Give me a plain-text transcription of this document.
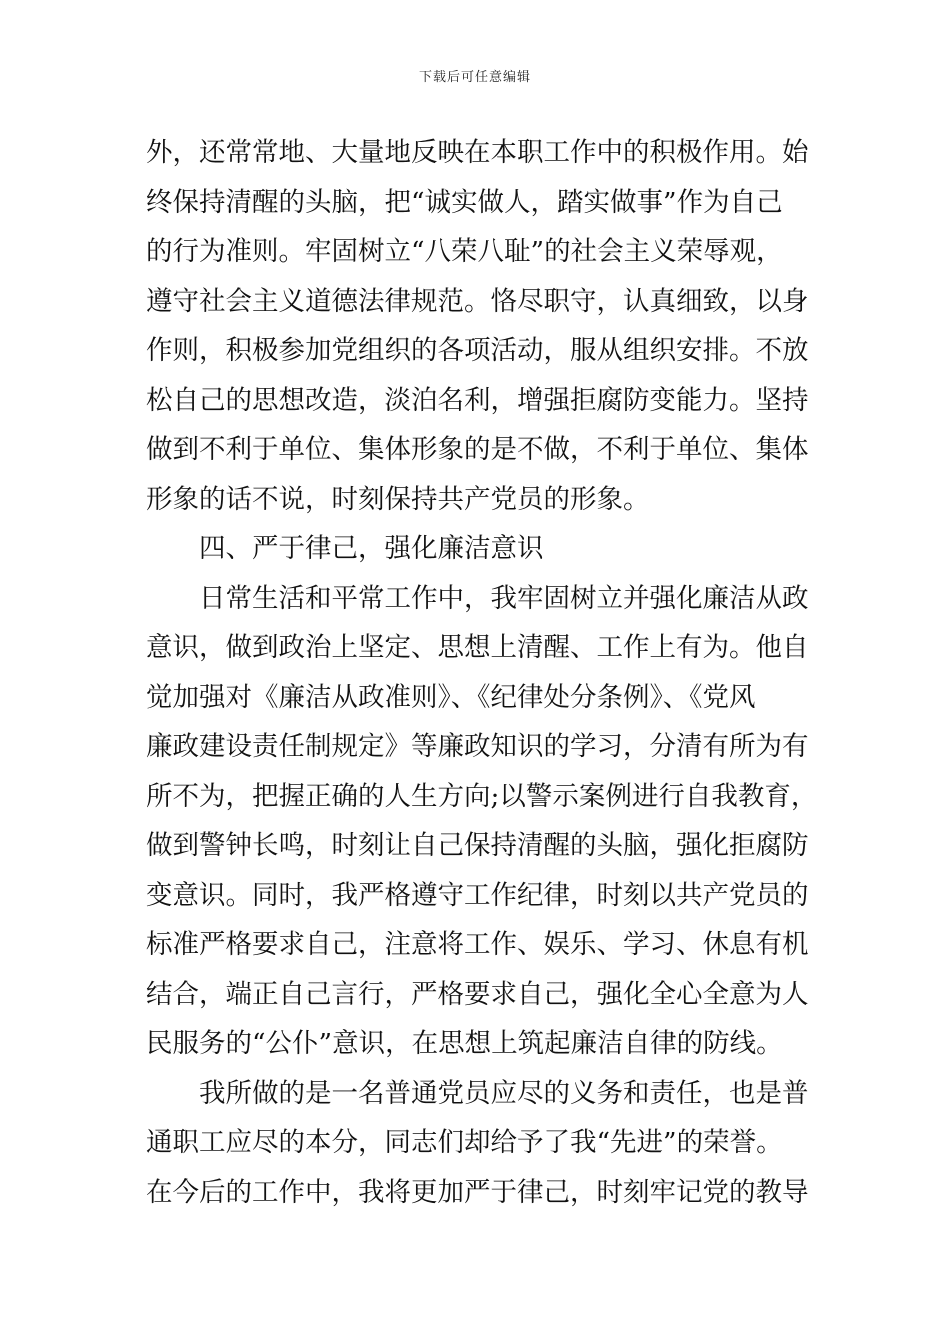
下载后可任意编辑
外，还常常地、大量地反映在本职工作中的积极作用。始
终保持清醒的头脑，把“诚实做人，踏实做事”作为自己
的行为准则。牢固树立“八荣八耻”的社会主义荣辱观，
遵守社会主义道德法律规范。恪尽职守，认真细致，以身
作则，积极参加党组织的各项活动，服从组织安排。不放
松自己的思想改造，淡泊名利，增强拒腐防变能力。坚持
做到不利于单位、集体形象的是不做，不利于单位、集体
形象的话不说，时刻保持共产党员的形象。
四、严于律己，强化廉洁意识
日常生活和平常工作中，我牢固树立并强化廉洁从政
意识，做到政治上坚定、思想上清醒、工作上有为。他自
觉加强对《廉洁从政准则》、《纪律处分条例》、《党风
廉政建设责任制规定》等廉政知识的学习，分清有所为有
所不为，把握正确的人生方向;以警示案例进行自我教育，
做到警钟长鸣，时刻让自己保持清醒的头脑，强化拒腐防
变意识。同时，我严格遵守工作纪律，时刻以共产党员的
标准严格要求自己，注意将工作、娱乐、学习、休息有机
结合，端正自己言行，严格要求自己，强化全心全意为人
民服务的“公仆”意识，在思想上筑起廉洁自律的防线。
我所做的是一名普通党员应尽的义务和责任，也是普
通职工应尽的本分，同志们却给予了我“先进”的荣誉。
在今后的工作中，我将更加严于律己，时刻牢记党的教导
